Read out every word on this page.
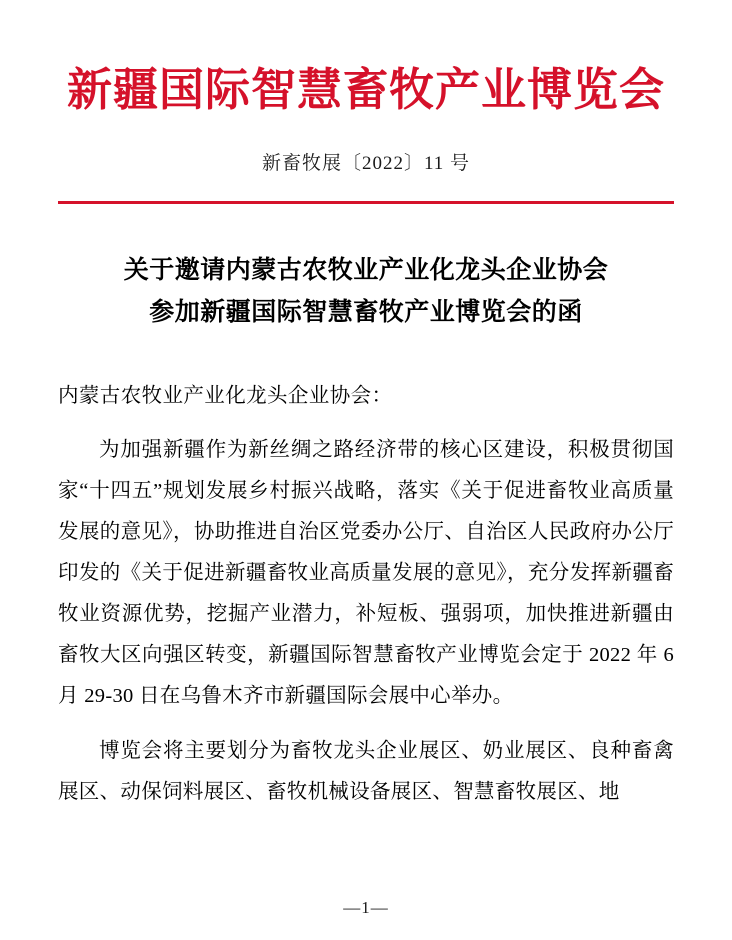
新疆国际智慧畜牧产业博览会
新畜牧展〔2022〕11 号
关于邀请内蒙古农牧业产业化龙头企业协会
参加新疆国际智慧畜牧产业博览会的函

内蒙古农牧业产业化龙头企业协会：

为加强新疆作为新丝绸之路经济带的核心区建设，积极贯彻国家“十四五”规划发展乡村振兴战略，落实《关于促进畜牧业高质量发展的意见》，协助推进自治区党委办公厅、自治区人民政府办公厅印发的《关于促进新疆畜牧业高质量发展的意见》，充分发挥新疆畜牧业资源优势，挖掘产业潜力，补短板、强弱项，加快推进新疆由畜牧大区向强区转变，新疆国际智慧畜牧产业博览会定于 2022 年 6 月 29-30 日在乌鲁木齐市新疆国际会展中心举办。

博览会将主要划分为畜牧龙头企业展区、奶业展区、良种畜禽展区、动保饲料展区、畜牧机械设备展区、智慧畜牧展区、地

—1—
